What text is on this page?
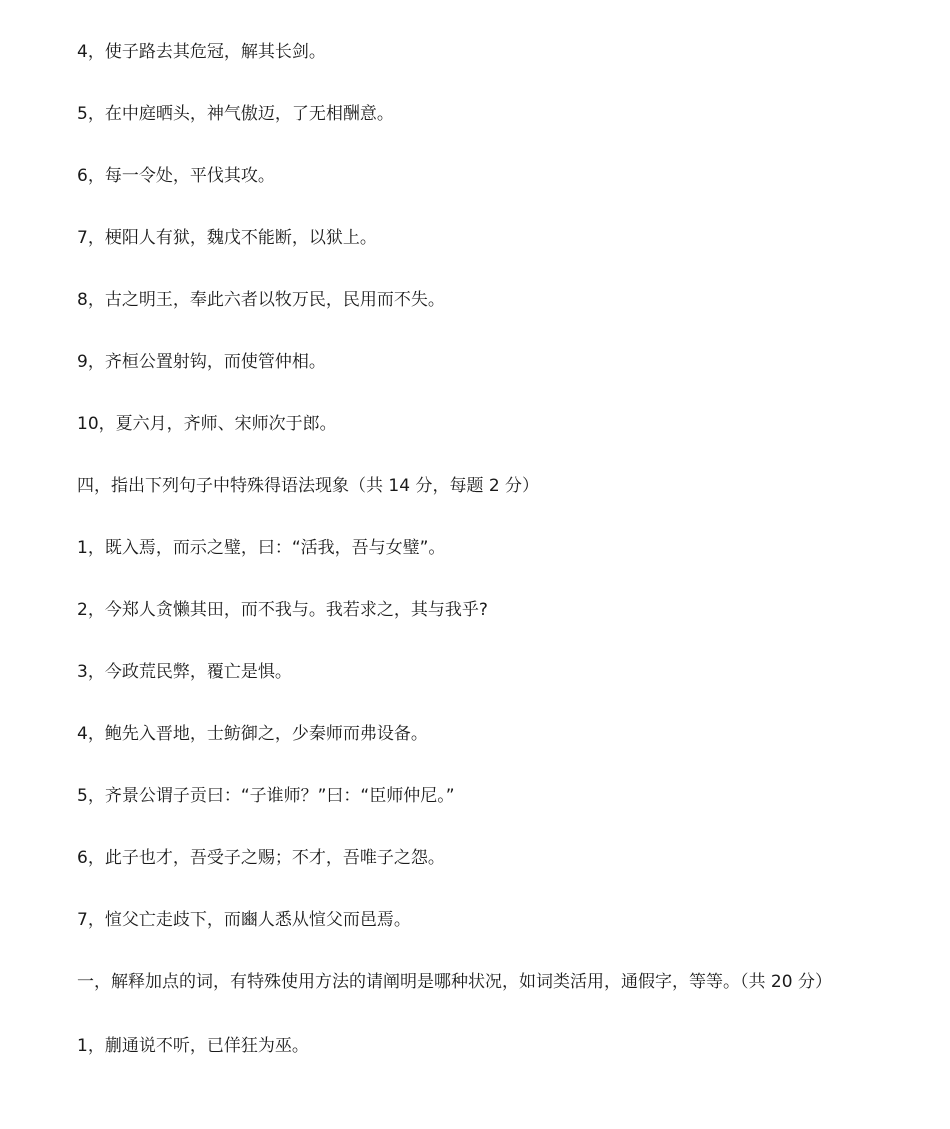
4，使子路去其危冠，解其长剑。
5，在中庭晒头，神气傲迈，了无相酬意。
6，每一令处，平伐其攻。
7，梗阳人有狱，魏戊不能断，以狱上。
8，古之明王，奉此六者以牧万民，民用而不失。
9，齐桓公置射钩，而使管仲相。
10，夏六月，齐师、宋师次于郎。
四，指出下列句子中特殊得语法现象（共 14 分，每题 2 分）
1，既入焉，而示之璧，曰：“活我，吾与女璧”。
2，今郑人贪懒其田，而不我与。我若求之，其与我乎?
3，今政荒民弊，覆亡是惧。
4，鲍先入晋地，士鲂御之，少秦师而弗设备。
5，齐景公谓子贡曰：“子谁师？”曰：“臣师仲尼。”
6，此子也才，吾受子之赐；不才，吾唯子之怨。
7，愃父亡走歧下，而豳人悉从愃父而邑焉。
一，解释加点的词，有特殊使用方法的请阐明是哪种状况，如词类活用，通假字，等等。（共 20 分）
1，蒯通说不听，已佯狂为巫。
